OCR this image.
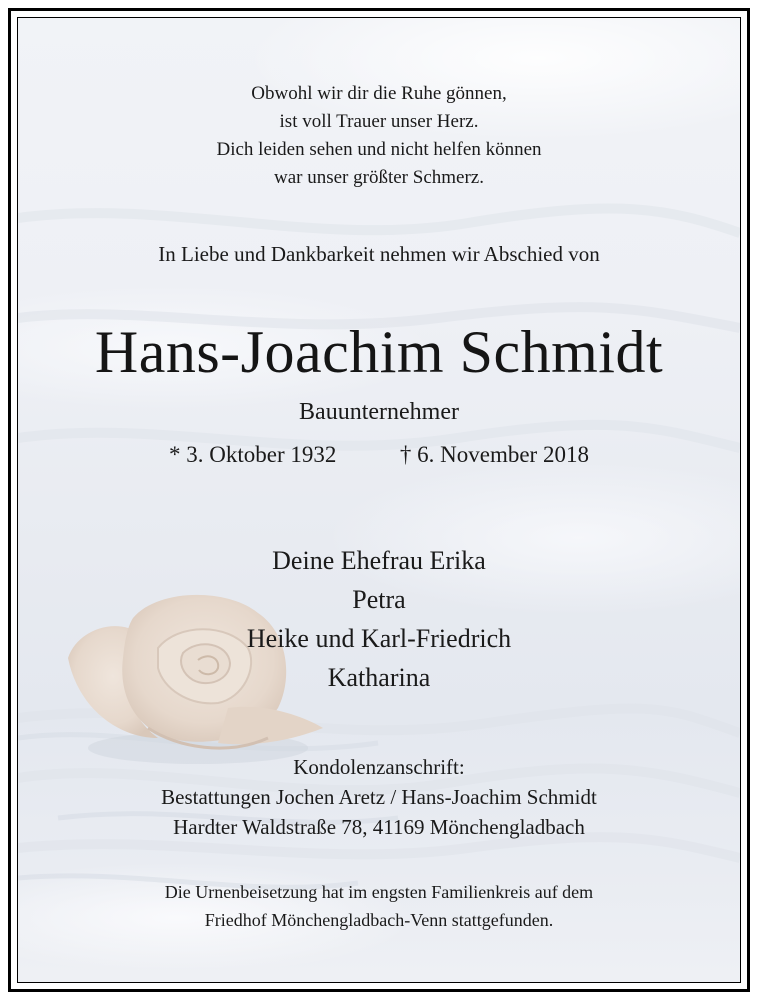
Obwohl wir dir die Ruhe gönnen,
ist voll Trauer unser Herz.
Dich leiden sehen und nicht helfen können
war unser größter Schmerz.
In Liebe und Dankbarkeit nehmen wir Abschied von
Hans-Joachim Schmidt
Bauunternehmer
* 3. Oktober 1932	† 6. November 2018
Deine Ehefrau Erika
Petra
Heike und Karl-Friedrich
Katharina
Kondolenzanschrift:
Bestattungen Jochen Aretz / Hans-Joachim Schmidt
Hardter Waldstraße 78, 41169 Mönchengladbach
Die Urnenbeisetzung hat im engsten Familienkreis auf dem
Friedhof Mönchengladbach-Venn stattgefunden.
